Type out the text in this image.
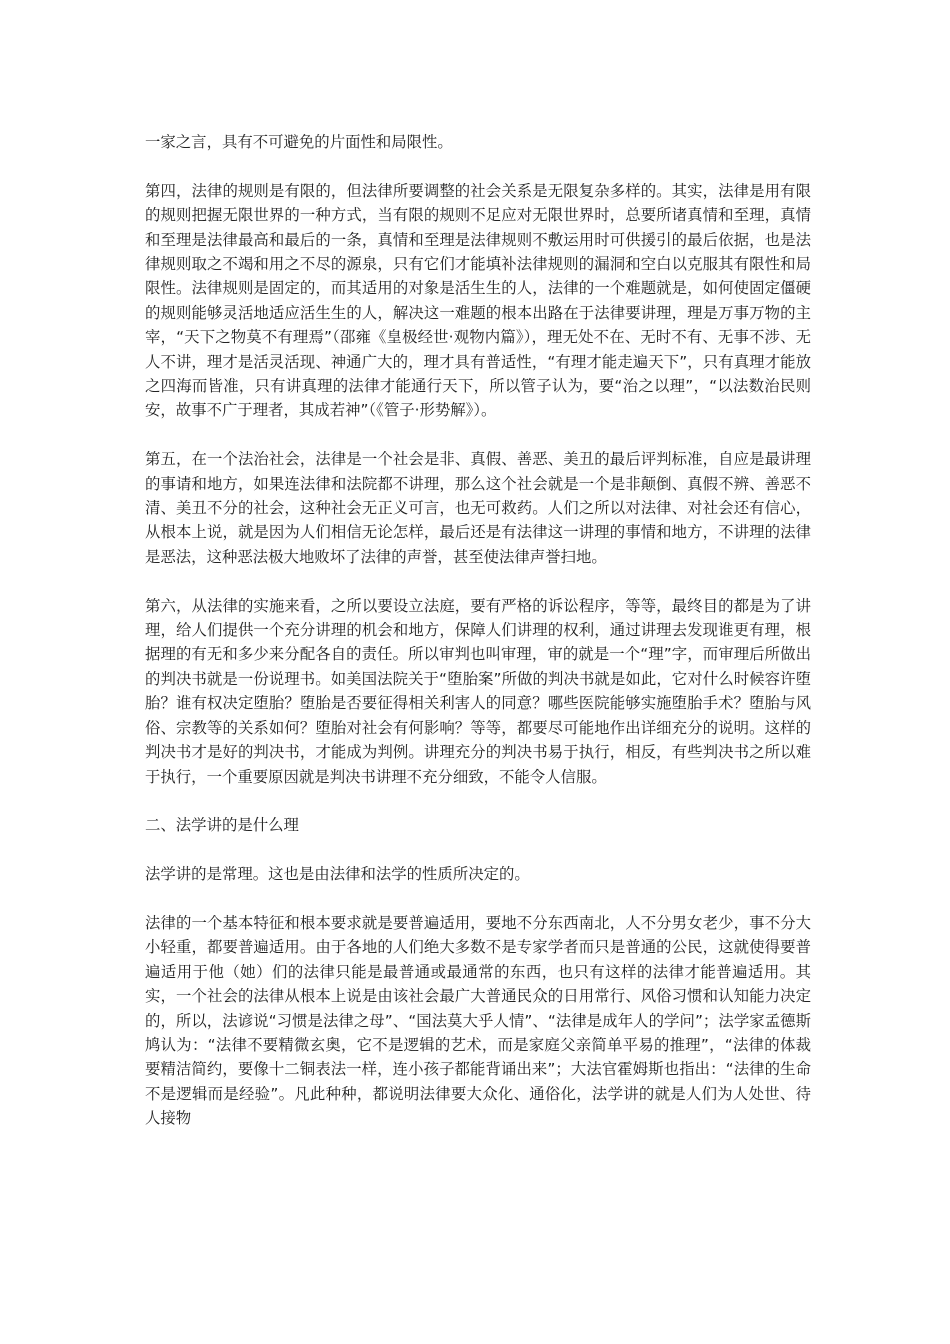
一家之言，具有不可避免的片面性和局限性。

第四，法律的规则是有限的，但法律所要调整的社会关系是无限复杂多样的。其实，法律是用有限的规则把握无限世界的一种方式，当有限的规则不足应对无限世界时，总要所诸真情和至理，真情和至理是法律最高和最后的一条，真情和至理是法律规则不敷运用时可供援引的最后依据，也是法律规则取之不竭和用之不尽的源泉，只有它们才能填补法律规则的漏洞和空白以克服其有限性和局限性。法律规则是固定的，而其适用的对象是活生生的人，法律的一个难题就是，如何使固定僵硬的规则能够灵活地适应活生生的人，解决这一难题的根本出路在于法律要讲理，理是万事万物的主宰，“天下之物莫不有理焉”（邵雍《皇极经世·观物内篇》），理无处不在、无时不有、无事不涉、无人不讲，理才是活灵活现、神通广大的，理才具有普适性，“有理才能走遍天下”，只有真理才能放之四海而皆准，只有讲真理的法律才能通行天下，所以管子认为，要“治之以理”，“以法数治民则安，故事不广于理者，其成若神”（《管子·形势解》）。

第五，在一个法治社会，法律是一个社会是非、真假、善恶、美丑的最后评判标准，自应是最讲理的事请和地方，如果连法律和法院都不讲理，那么这个社会就是一个是非颠倒、真假不辨、善恶不清、美丑不分的社会，这种社会无正义可言，也无可救药。人们之所以对法律、对社会还有信心，从根本上说，就是因为人们相信无论怎样，最后还是有法律这一讲理的事情和地方，不讲理的法律是恶法，这种恶法极大地败坏了法律的声誉，甚至使法律声誉扫地。

第六，从法律的实施来看，之所以要设立法庭，要有严格的诉讼程序，等等，最终目的都是为了讲理，给人们提供一个充分讲理的机会和地方，保障人们讲理的权利，通过讲理去发现谁更有理，根据理的有无和多少来分配各自的责任。所以审判也叫审理，审的就是一个“理”字，而审理后所做出的判决书就是一份说理书。如美国法院关于“堕胎案”所做的判决书就是如此，它对什么时候容许堕胎？谁有权决定堕胎？堕胎是否要征得相关利害人的同意？哪些医院能够实施堕胎手术？堕胎与风俗、宗教等的关系如何？堕胎对社会有何影响？等等，都要尽可能地作出详细充分的说明。这样的判决书才是好的判决书，才能成为判例。讲理充分的判决书易于执行，相反，有些判决书之所以难于执行，一个重要原因就是判决书讲理不充分细致，不能令人信服。

二、法学讲的是什么理

法学讲的是常理。这也是由法律和法学的性质所决定的。

法律的一个基本特征和根本要求就是要普遍适用，要地不分东西南北，人不分男女老少，事不分大小轻重，都要普遍适用。由于各地的人们绝大多数不是专家学者而只是普通的公民，这就使得要普遍适用于他（她）们的法律只能是最普通或最通常的东西，也只有这样的法律才能普遍适用。其实，一个社会的法律从根本上说是由该社会最广大普通民众的日用常行、风俗习惯和认知能力决定的，所以，法谚说“习惯是法律之母”、“国法莫大乎人情”、“法律是成年人的学问”；法学家孟德斯鸠认为：“法律不要精微玄奥，它不是逻辑的艺术，而是家庭父亲简单平易的推理”，“法律的体裁要精洁简约，要像十二铜表法一样，连小孩子都能背诵出来”；大法官霍姆斯也指出：“法律的生命不是逻辑而是经验”。凡此种种，都说明法律要大众化、通俗化，法学讲的就是人们为人处世、待人接物
